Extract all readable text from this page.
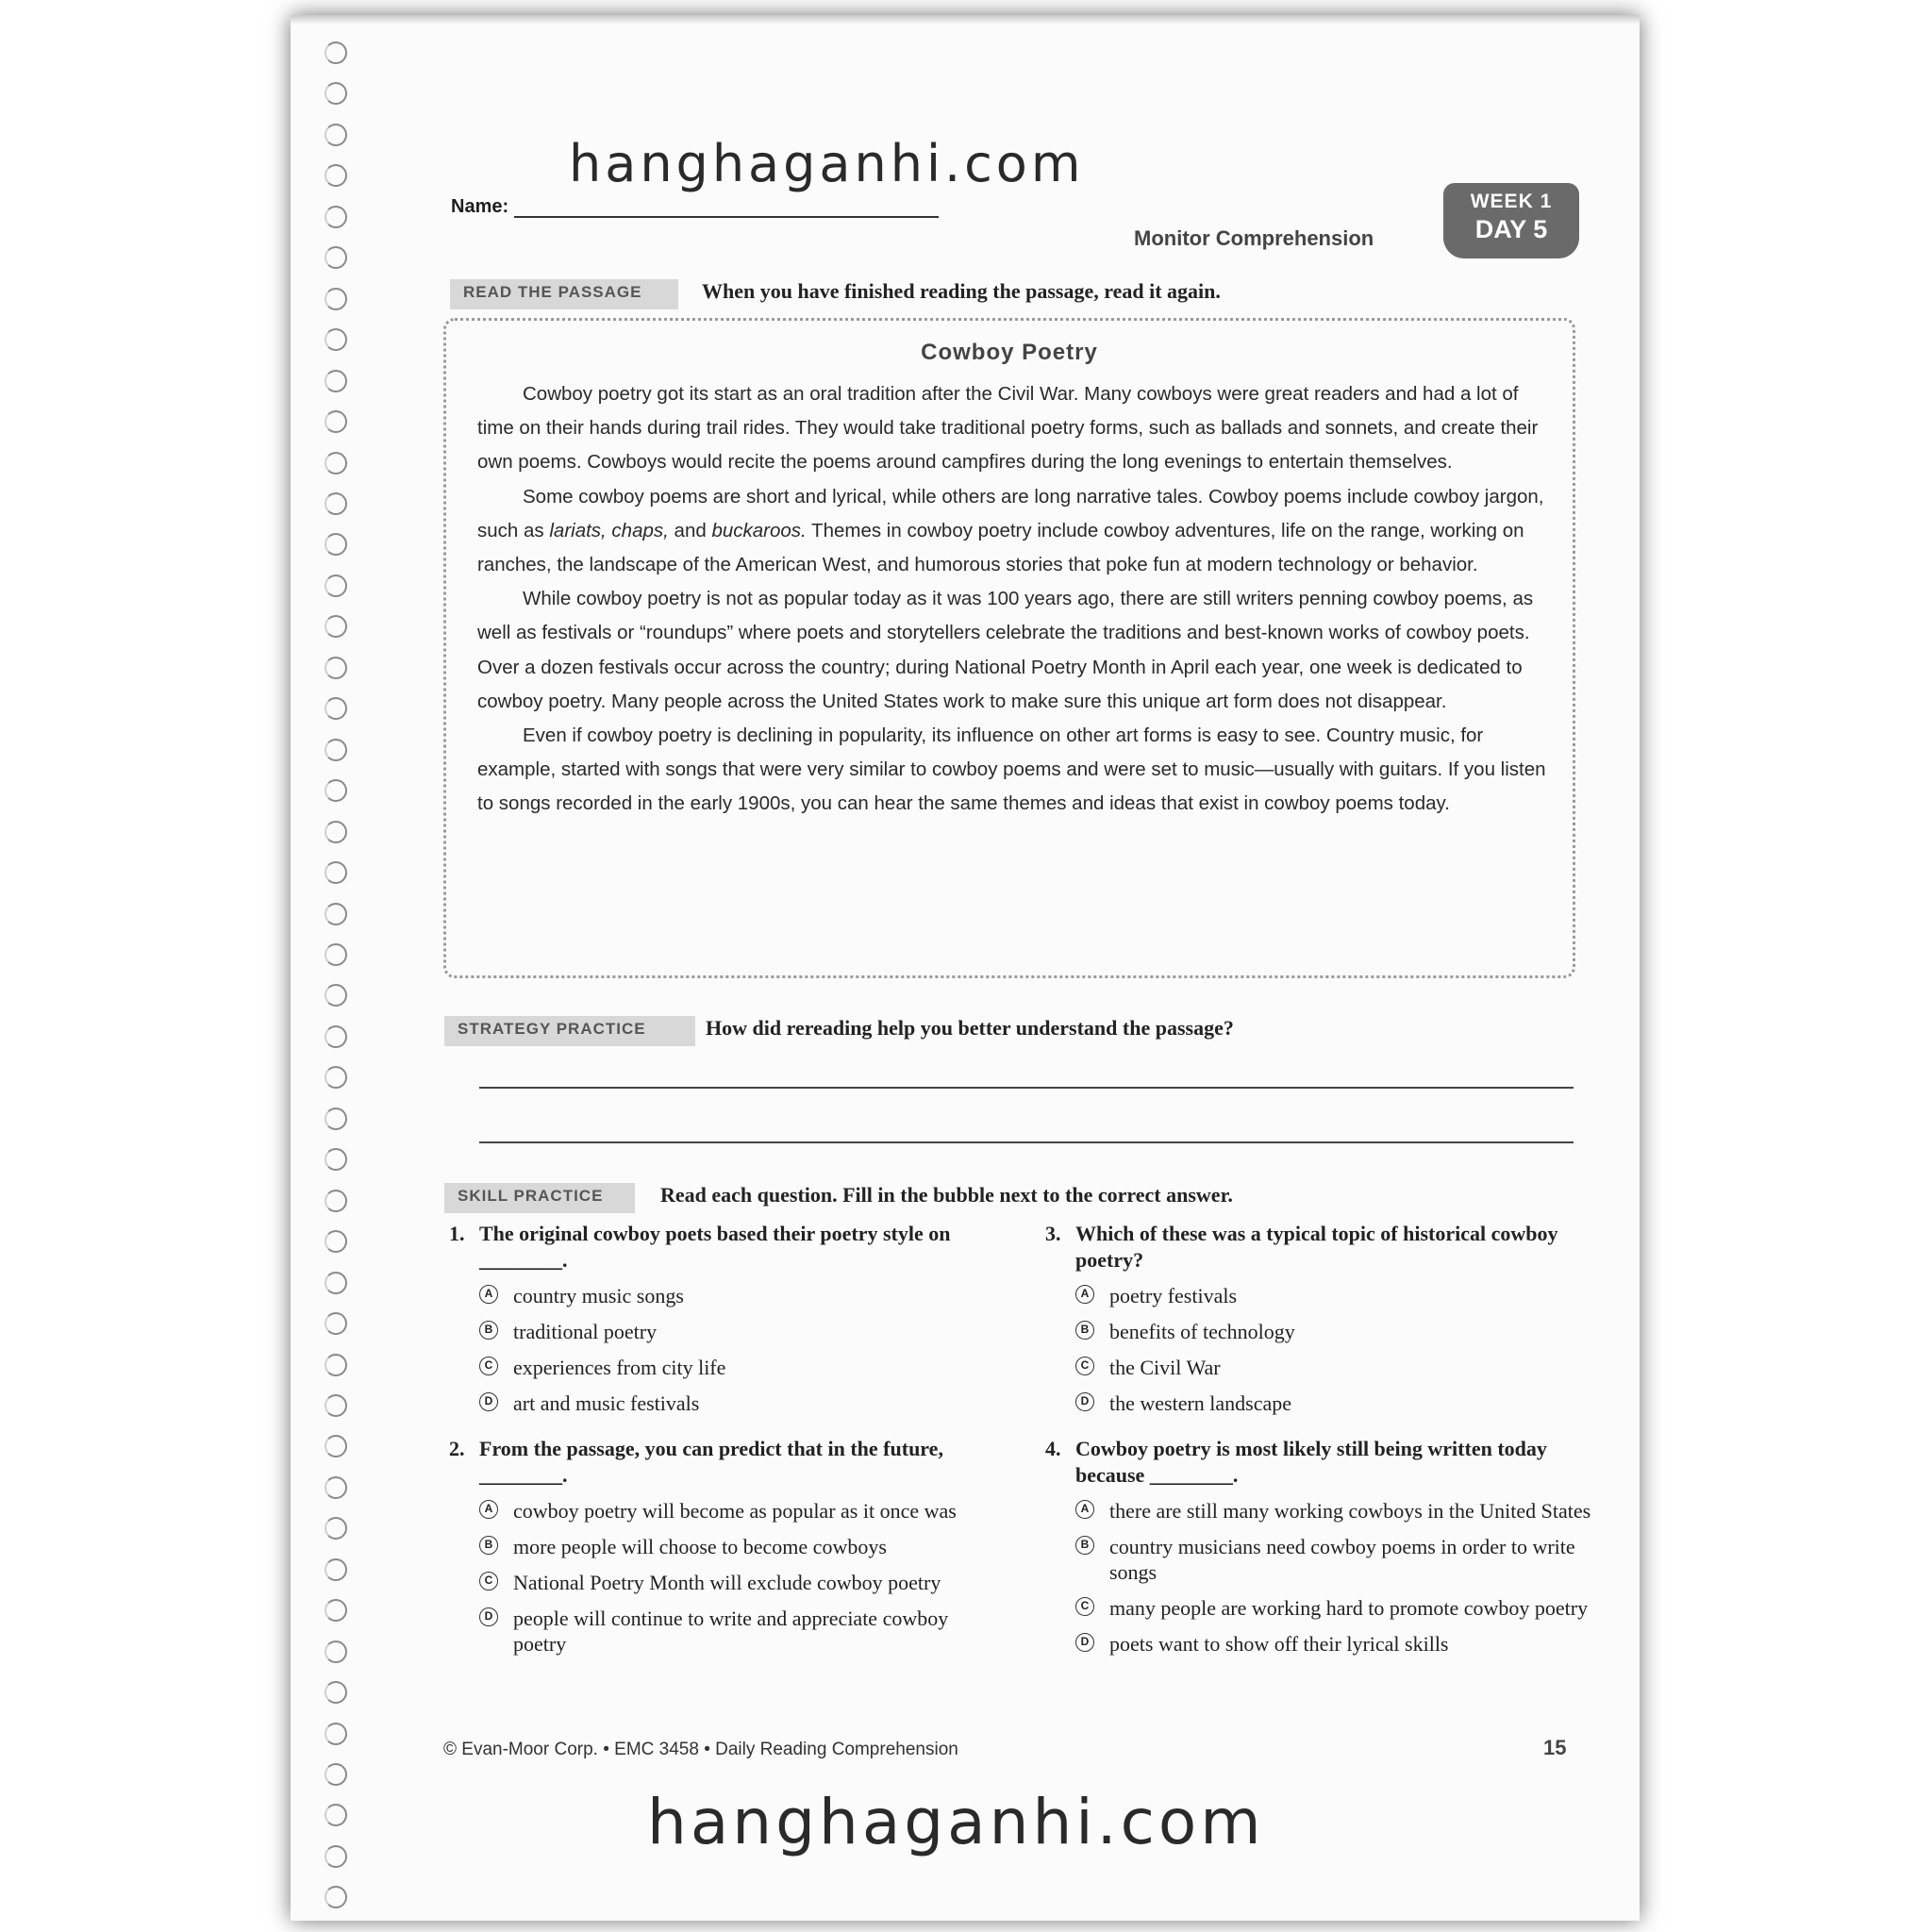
hanghaganhi.com
Name:
Monitor Comprehension
WEEK 1
DAY 5
READ THE PASSAGE	When you have finished reading the passage, read it again.
Cowboy Poetry

Cowboy poetry got its start as an oral tradition after the Civil War. Many cowboys were great readers and had a lot of time on their hands during trail rides. They would take traditional poetry forms, such as ballads and sonnets, and create their own poems. Cowboys would recite the poems around campfires during the long evenings to entertain themselves.

Some cowboy poems are short and lyrical, while others are long narrative tales. Cowboy poems include cowboy jargon, such as lariats, chaps, and buckaroos. Themes in cowboy poetry include cowboy adventures, life on the range, working on ranches, the landscape of the American West, and humorous stories that poke fun at modern technology or behavior.

While cowboy poetry is not as popular today as it was 100 years ago, there are still writers penning cowboy poems, as well as festivals or “roundups” where poets and storytellers celebrate the traditions and best-known works of cowboy poets. Over a dozen festivals occur across the country; during National Poetry Month in April each year, one week is dedicated to cowboy poetry. Many people across the United States work to make sure this unique art form does not disappear.

Even if cowboy poetry is declining in popularity, its influence on other art forms is easy to see. Country music, for example, started with songs that were very similar to cowboy poems and were set to music—usually with guitars. If you listen to songs recorded in the early 1900s, you can hear the same themes and ideas that exist in cowboy poems today.

STRATEGY PRACTICE	How did rereading help you better understand the passage?
SKILL PRACTICE	Read each question. Fill in the bubble next to the correct answer.
1. The original cowboy poets based their poetry style on ________.
A country music songs
B traditional poetry
C experiences from city life
D art and music festivals
2. From the passage, you can predict that in the future, ________.
A cowboy poetry will become as popular as it once was
B more people will choose to become cowboys
C National Poetry Month will exclude cowboy poetry
D people will continue to write and appreciate cowboy poetry
3. Which of these was a typical topic of historical cowboy poetry?
A poetry festivals
B benefits of technology
C the Civil War
D the western landscape
4. Cowboy poetry is most likely still being written today because ________.
A there are still many working cowboys in the United States
B country musicians need cowboy poems in order to write songs
C many people are working hard to promote cowboy poetry
D poets want to show off their lyrical skills
© Evan-Moor Corp. • EMC 3458 • Daily Reading Comprehension	15
hanghaganhi.com
